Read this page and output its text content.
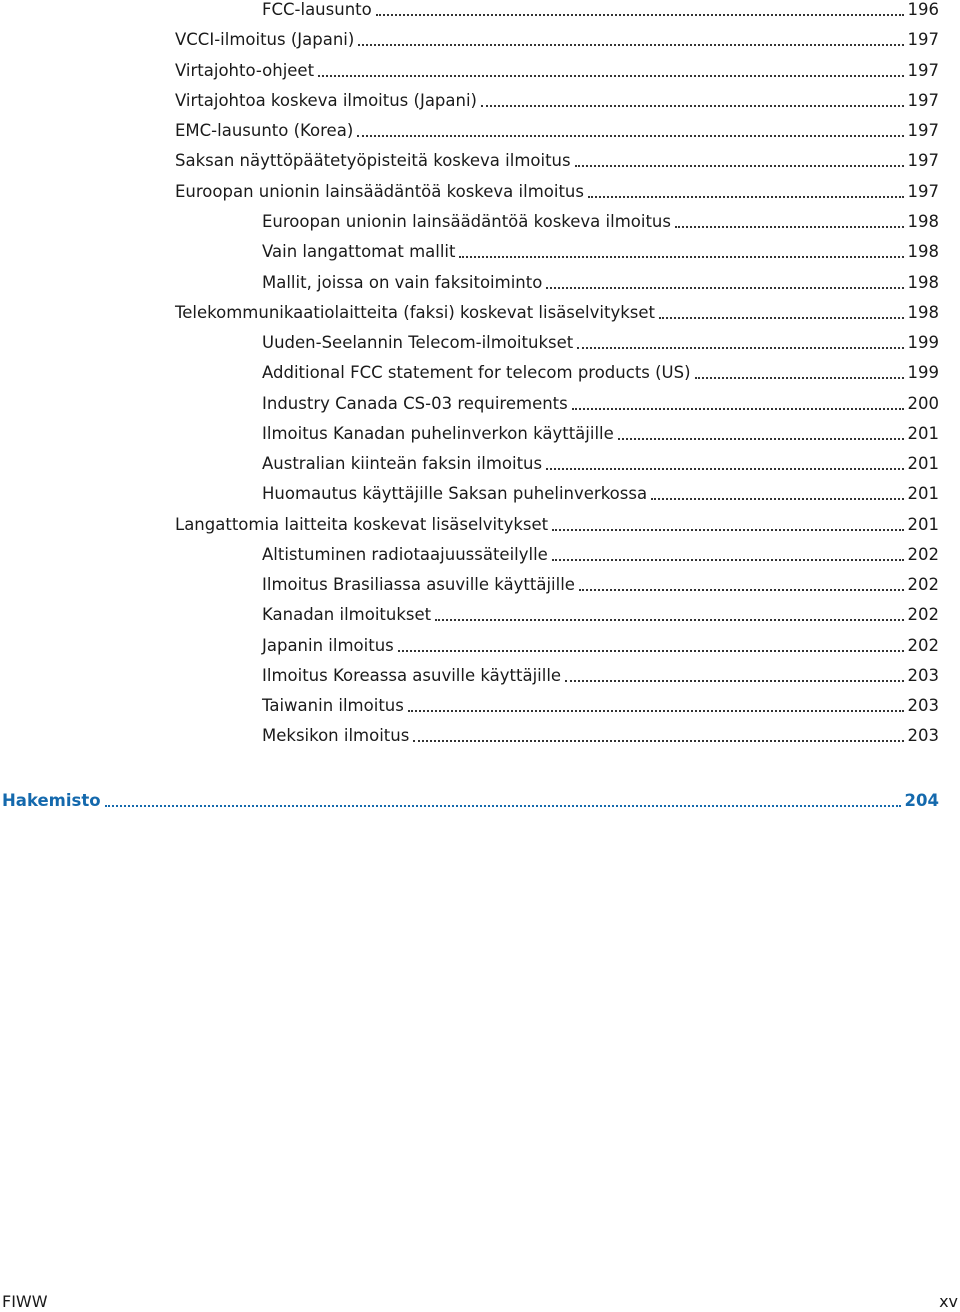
FCC-lausunto	196
VCCI-ilmoitus (Japani)	197
Virtajohto-ohjeet	197
Virtajohtoa koskeva ilmoitus (Japani)	197
EMC-lausunto (Korea)	197
Saksan näyttöpäätetyöpisteitä koskeva ilmoitus	197
Euroopan unionin lainsäädäntöä koskeva ilmoitus	197
Euroopan unionin lainsäädäntöä koskeva ilmoitus	198
Vain langattomat mallit	198
Mallit, joissa on vain faksitoiminto	198
Telekommunikaatiolaitteita (faksi) koskevat lisäselvitykset	198
Uuden-Seelannin Telecom-ilmoitukset	199
Additional FCC statement for telecom products (US)	199
Industry Canada CS-03 requirements	200
Ilmoitus Kanadan puhelinverkon käyttäjille	201
Australian kiinteän faksin ilmoitus	201
Huomautus käyttäjille Saksan puhelinverkossa	201
Langattomia laitteita koskevat lisäselvitykset	201
Altistuminen radiotaajuussäteilylle	202
Ilmoitus Brasiliassa asuville käyttäjille	202
Kanadan ilmoitukset	202
Japanin ilmoitus	202
Ilmoitus Koreassa asuville käyttäjille	203
Taiwanin ilmoitus	203
Meksikon ilmoitus	203
Hakemisto	204
FIWW	xv
